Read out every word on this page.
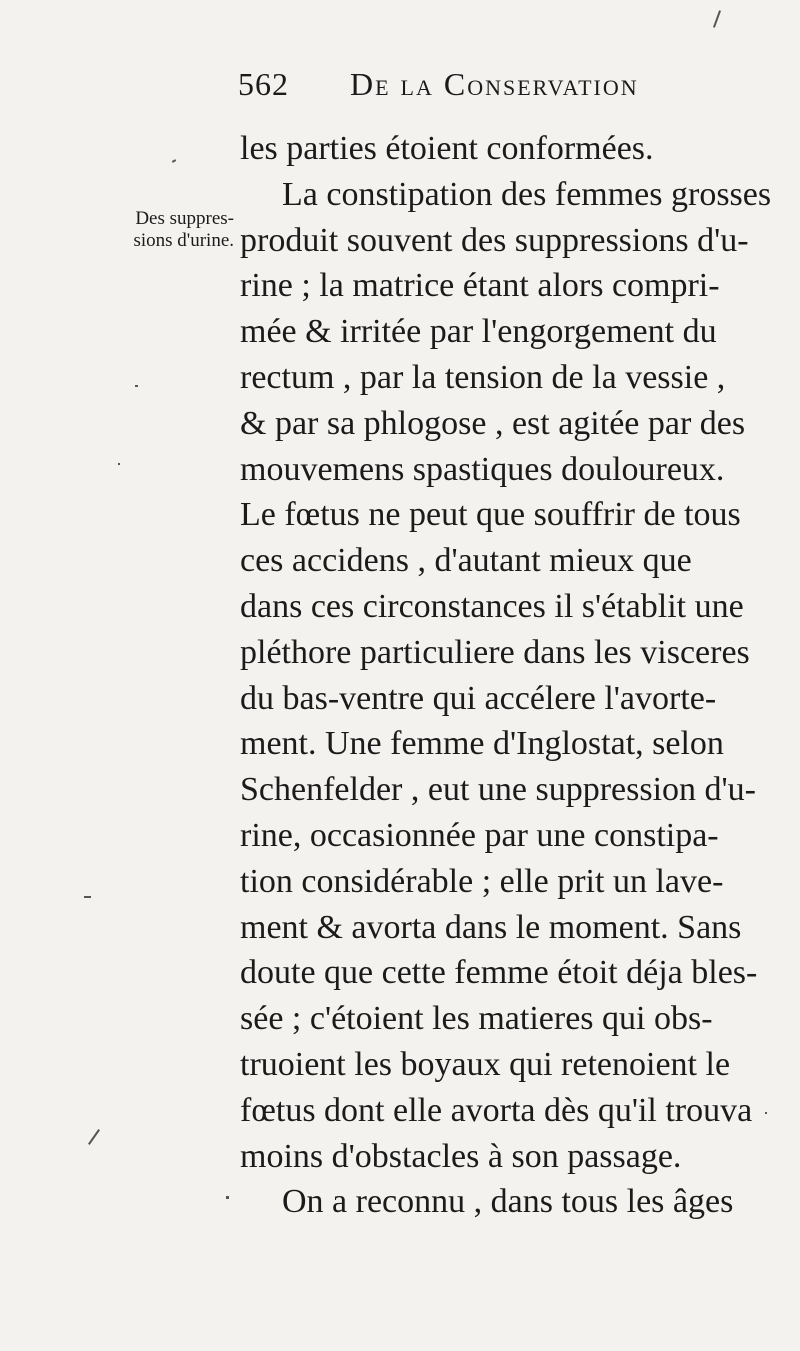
562 De la Conservation
Des suppres-
sions d'urine.
les parties étoient conformées.
La constipation des femmes grosses
produit souvent des suppressions d'u-
rine ; la matrice étant alors compri-
mée & irritée par l'engorgement du
rectum , par la tension de la vessie ,
& par sa phlogose , est agitée par des
mouvemens spastiques douloureux.
Le fœtus ne peut que souffrir de tous
ces accidens , d'autant mieux que
dans ces circonstances il s'établit une
pléthore particuliere dans les visceres
du bas-ventre qui accélere l'avorte-
ment. Une femme d'Inglostat, selon
Schenfelder , eut une suppression d'u-
rine, occasionnée par une constipa-
tion considérable ; elle prit un lave-
ment & avorta dans le moment. Sans
doute que cette femme étoit déja bles-
sée ; c'étoient les matieres qui obs-
truoient les boyaux qui retenoient le
fœtus dont elle avorta dès qu'il trouva
moins d'obstacles à son passage.
On a reconnu , dans tous les âges
